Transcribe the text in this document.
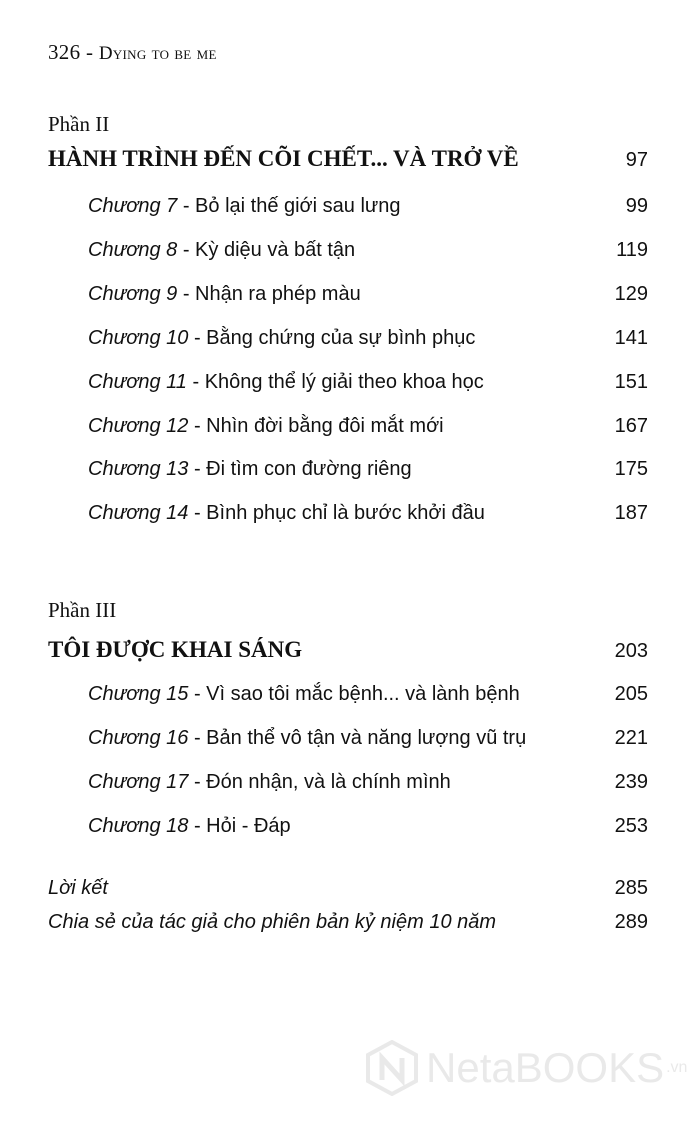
326 - Dying to be me
Phần II
HÀNH TRÌNH ĐẾN CÕI CHẾT... VÀ TRỞ VỀ	97
Chương 7 - Bỏ lại thế giới sau lưng	99
Chương 8 - Kỳ diệu và bất tận	119
Chương 9 - Nhận ra phép màu	129
Chương 10 - Bằng chứng của sự bình phục	141
Chương 11 - Không thể lý giải theo khoa học	151
Chương 12 - Nhìn đời bằng đôi mắt mới	167
Chương 13 - Đi tìm con đường riêng	175
Chương 14 - Bình phục chỉ là bước khởi đầu	187
Phần III
TÔI ĐƯỢC KHAI SÁNG	203
Chương 15 - Vì sao tôi mắc bệnh... và lành bệnh	205
Chương 16 - Bản thể vô tận và năng lượng vũ trụ	221
Chương 17 - Đón nhận, và là chính mình	239
Chương 18 - Hỏi - Đáp	253
Lời kết	285
Chia sẻ của tác giả cho phiên bản kỷ niệm 10 năm	289
NetaBOOKS .vn
